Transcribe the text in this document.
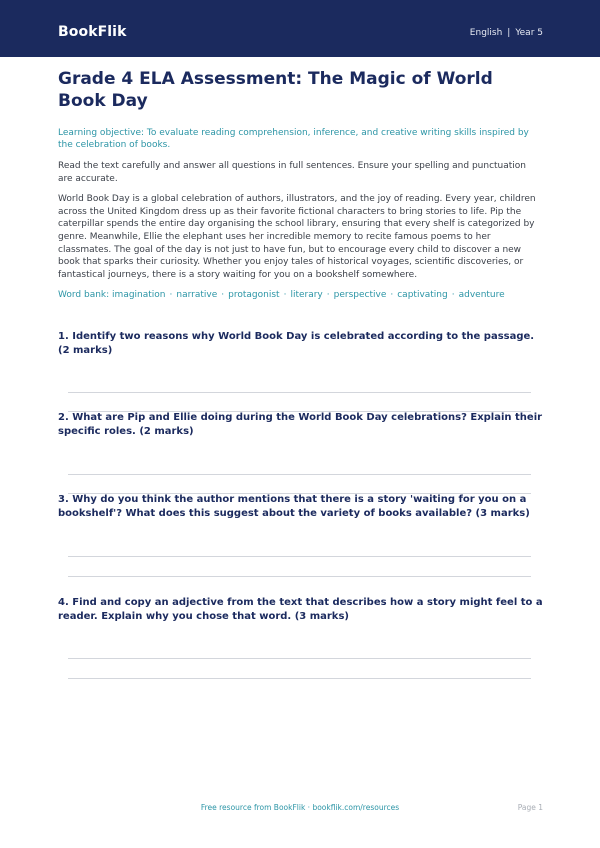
BookFlik	English | Year 5
Grade 4 ELA Assessment: The Magic of World Book Day

Learning objective: To evaluate reading comprehension, inference, and creative writing skills inspired by the celebration of books.

Read the text carefully and answer all questions in full sentences. Ensure your spelling and punctuation are accurate.

World Book Day is a global celebration of authors, illustrators, and the joy of reading. Every year, children across the United Kingdom dress up as their favorite fictional characters to bring stories to life. Pip the caterpillar spends the entire day organising the school library, ensuring that every shelf is categorized by genre. Meanwhile, Ellie the elephant uses her incredible memory to recite famous poems to her classmates. The goal of the day is not just to have fun, but to encourage every child to discover a new book that sparks their curiosity. Whether you enjoy tales of historical voyages, scientific discoveries, or fantastical journeys, there is a story waiting for you on a bookshelf somewhere.

Word bank: imagination · narrative · protagonist · literary · perspective · captivating · adventure

1. Identify two reasons why World Book Day is celebrated according to the passage. (2 marks)

2. What are Pip and Ellie doing during the World Book Day celebrations? Explain their specific roles. (2 marks)

3. Why do you think the author mentions that there is a story 'waiting for you on a bookshelf'? What does this suggest about the variety of books available? (3 marks)

4. Find and copy an adjective from the text that describes how a story might feel to a reader. Explain why you chose that word. (3 marks)

Free resource from BookFlik · bookflik.com/resources	Page 1
